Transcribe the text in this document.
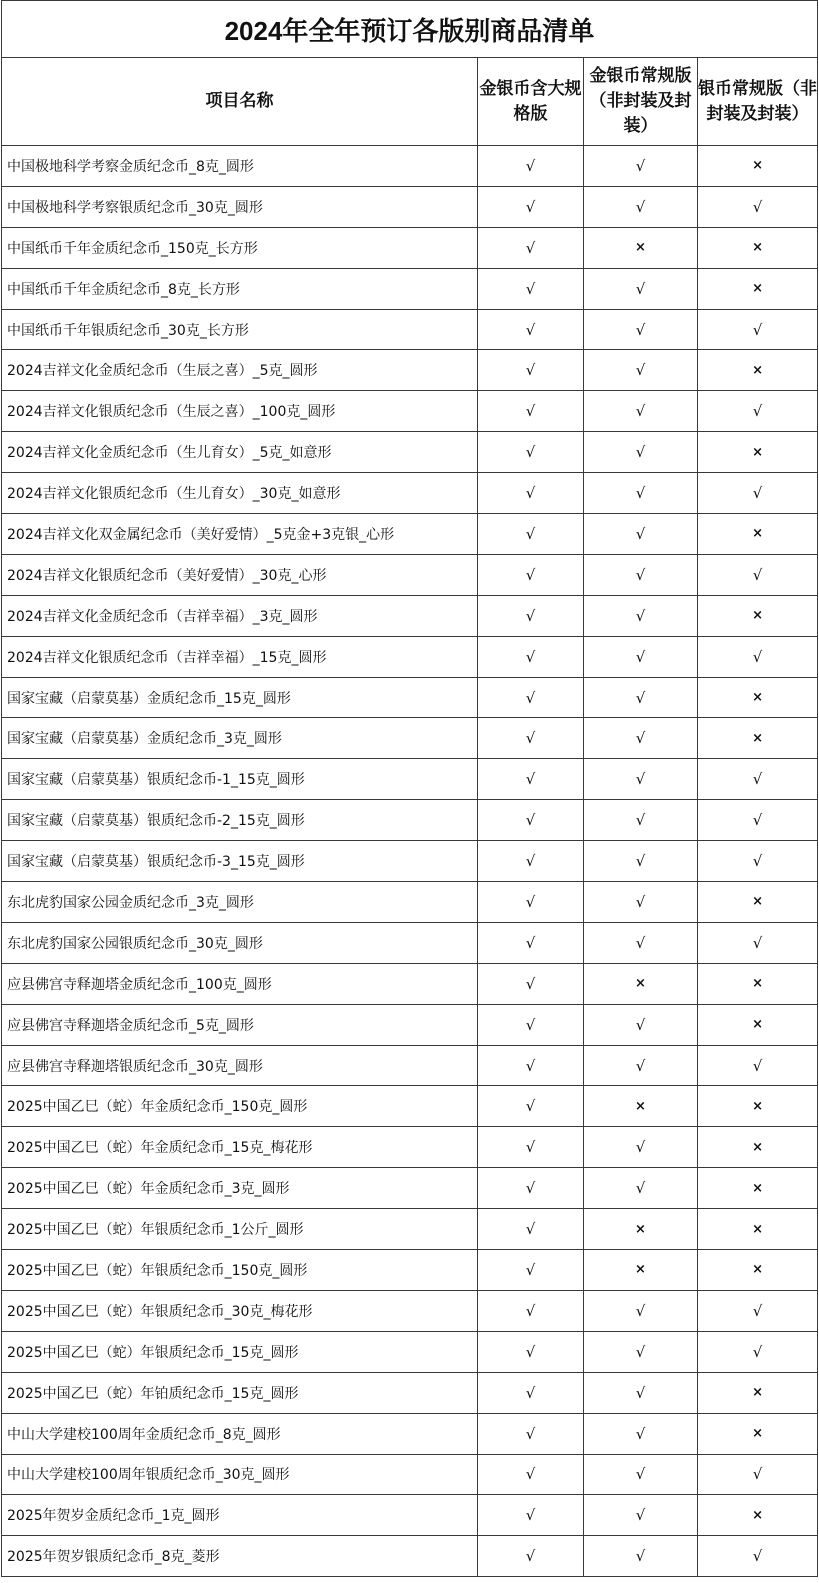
2024年全年预订各版别商品清单			
项目名称	金银币含大规格版	金银币常规版（非封装及封装）	银币常规版（非封装及封装）
中国极地科学考察金质纪念币_8克_圆形	√	√	×
中国极地科学考察银质纪念币_30克_圆形	√	√	√
中国纸币千年金质纪念币_150克_长方形	√	×	×
中国纸币千年金质纪念币_8克_长方形	√	√	×
中国纸币千年银质纪念币_30克_长方形	√	√	√
2024吉祥文化金质纪念币（生辰之喜）_5克_圆形	√	√	×
2024吉祥文化银质纪念币（生辰之喜）_100克_圆形	√	√	√
2024吉祥文化金质纪念币（生儿育女）_5克_如意形	√	√	×
2024吉祥文化银质纪念币（生儿育女）_30克_如意形	√	√	√
2024吉祥文化双金属纪念币（美好爱情）_5克金+3克银_心形	√	√	×
2024吉祥文化银质纪念币（美好爱情）_30克_心形	√	√	√
2024吉祥文化金质纪念币（吉祥幸福）_3克_圆形	√	√	×
2024吉祥文化银质纪念币（吉祥幸福）_15克_圆形	√	√	√
国家宝藏（启蒙莫基）金质纪念币_15克_圆形	√	√	×
国家宝藏（启蒙莫基）金质纪念币_3克_圆形	√	√	×
国家宝藏（启蒙莫基）银质纪念币-1_15克_圆形	√	√	√
国家宝藏（启蒙莫基）银质纪念币-2_15克_圆形	√	√	√
国家宝藏（启蒙莫基）银质纪念币-3_15克_圆形	√	√	√
东北虎豹国家公园金质纪念币_3克_圆形	√	√	×
东北虎豹国家公园银质纪念币_30克_圆形	√	√	√
应县佛宫寺释迦塔金质纪念币_100克_圆形	√	×	×
应县佛宫寺释迦塔金质纪念币_5克_圆形	√	√	×
应县佛宫寺释迦塔银质纪念币_30克_圆形	√	√	√
2025中国乙巳（蛇）年金质纪念币_150克_圆形	√	×	×
2025中国乙巳（蛇）年金质纪念币_15克_梅花形	√	√	×
2025中国乙巳（蛇）年金质纪念币_3克_圆形	√	√	×
2025中国乙巳（蛇）年银质纪念币_1公斤_圆形	√	×	×
2025中国乙巳（蛇）年银质纪念币_150克_圆形	√	×	×
2025中国乙巳（蛇）年银质纪念币_30克_梅花形	√	√	√
2025中国乙巳（蛇）年银质纪念币_15克_圆形	√	√	√
2025中国乙巳（蛇）年铂质纪念币_15克_圆形	√	√	×
中山大学建校100周年金质纪念币_8克_圆形	√	√	×
中山大学建校100周年银质纪念币_30克_圆形	√	√	√
2025年贺岁金质纪念币_1克_圆形	√	√	×
2025年贺岁银质纪念币_8克_菱形	√	√	√
